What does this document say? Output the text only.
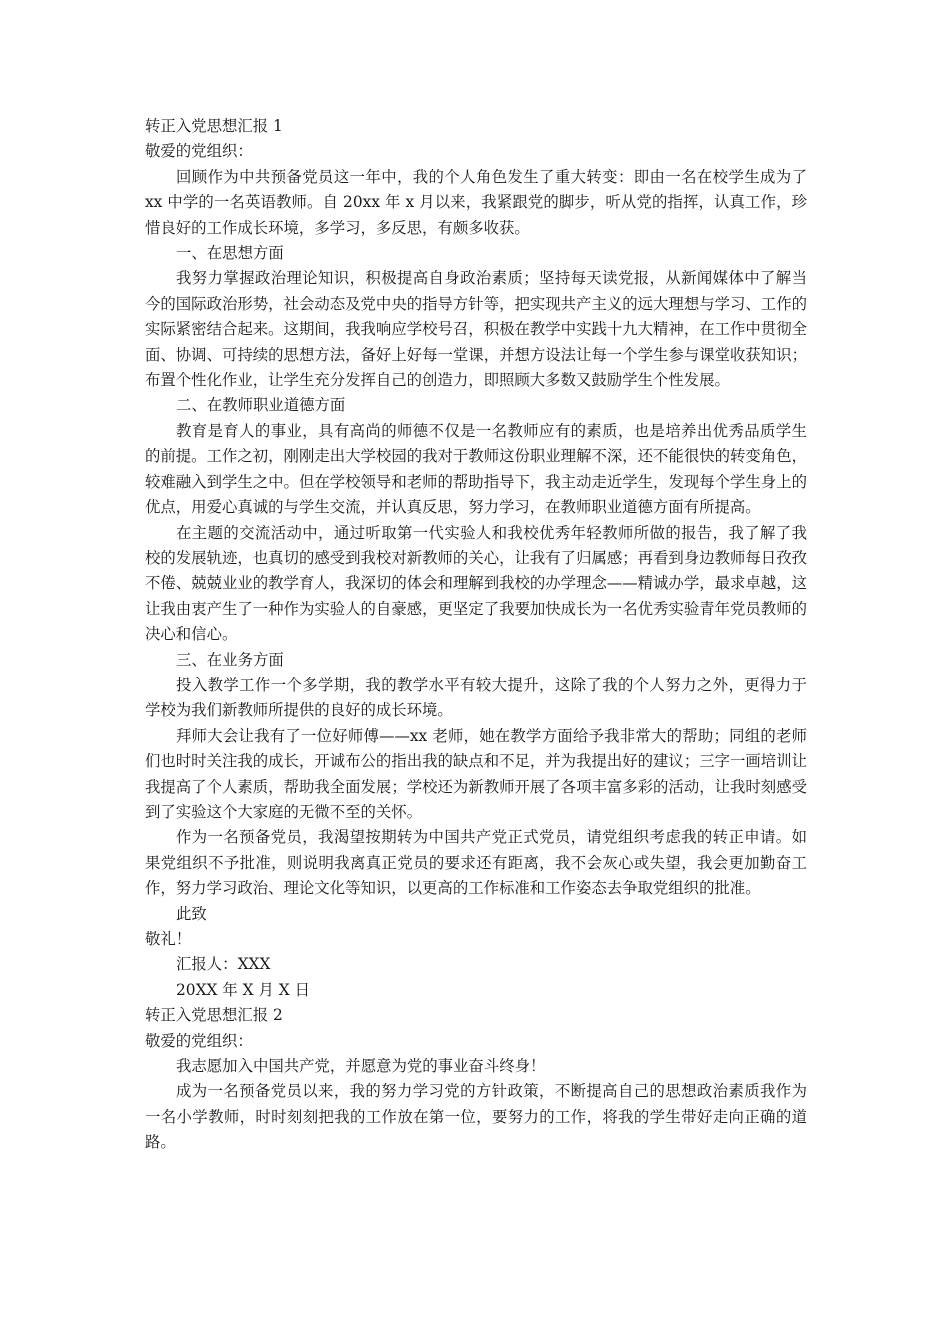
转正入党思想汇报 1

敬爱的党组织：

回顾作为中共预备党员这一年中，我的个人角色发生了重大转变：即由一名在校学生成为了 xx 中学的一名英语教师。自 20xx 年 x 月以来，我紧跟党的脚步，听从党的指挥，认真工作，珍惜良好的工作成长环境，多学习，多反思，有颇多收获。

一、在思想方面

我努力掌握政治理论知识，积极提高自身政治素质；坚持每天读党报，从新闻媒体中了解当今的国际政治形势，社会动态及党中央的指导方针等，把实现共产主义的远大理想与学习、工作的实际紧密结合起来。这期间，我我响应学校号召，积极在教学中实践十九大精神，在工作中贯彻全面、协调、可持续的思想方法，备好上好每一堂课，并想方设法让每一个学生参与课堂收获知识；布置个性化作业，让学生充分发挥自己的创造力，即照顾大多数又鼓励学生个性发展。

二、在教师职业道德方面

教育是育人的事业，具有高尚的师德不仅是一名教师应有的素质，也是培养出优秀品质学生的前提。工作之初，刚刚走出大学校园的我对于教师这份职业理解不深，还不能很快的转变角色，较难融入到学生之中。但在学校领导和老师的帮助指导下，我主动走近学生，发现每个学生身上的优点，用爱心真诚的与学生交流，并认真反思，努力学习，在教师职业道德方面有所提高。

在主题的交流活动中，通过听取第一代实验人和我校优秀年轻教师所做的报告，我了解了我校的发展轨迹，也真切的感受到我校对新教师的关心，让我有了归属感；再看到身边教师每日孜孜不倦、兢兢业业的教学育人，我深切的体会和理解到我校的办学理念——精诚办学，最求卓越，这让我由衷产生了一种作为实验人的自豪感，更坚定了我要加快成长为一名优秀实验青年党员教师的决心和信心。

三、在业务方面

投入教学工作一个多学期，我的教学水平有较大提升，这除了我的个人努力之外，更得力于学校为我们新教师所提供的良好的成长环境。

拜师大会让我有了一位好师傅——xx 老师，她在教学方面给予我非常大的帮助；同组的老师们也时时关注我的成长，开诚布公的指出我的缺点和不足，并为我提出好的建议；三字一画培训让我提高了个人素质，帮助我全面发展；学校还为新教师开展了各项丰富多彩的活动，让我时刻感受到了实验这个大家庭的无微不至的关怀。

作为一名预备党员，我渴望按期转为中国共产党正式党员，请党组织考虑我的转正申请。如果党组织不予批准，则说明我离真正党员的要求还有距离，我不会灰心或失望，我会更加勤奋工作，努力学习政治、理论文化等知识，以更高的工作标准和工作姿态去争取党组织的批准。

此致

敬礼！

汇报人：XXX

20XX 年 X 月 X 日

转正入党思想汇报 2

敬爱的党组织：

我志愿加入中国共产党，并愿意为党的事业奋斗终身！

成为一名预备党员以来，我的努力学习党的方针政策，不断提高自己的思想政治素质我作为一名小学教师，时时刻刻把我的工作放在第一位，要努力的工作，将我的学生带好走向正确的道路。
